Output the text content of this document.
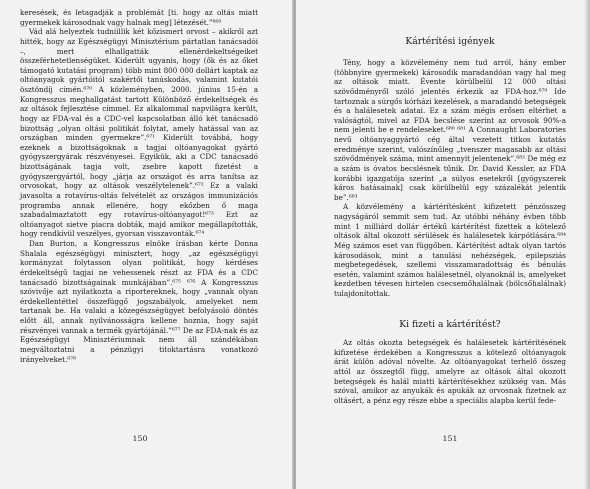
keresések, és letagadják a problémát [ti. hogy az oltás miatt gyermekek károsodnak vagy halnak meg] létezését.”⁶⁶⁹

Vád alá helyeztek tudniillik két kőzismert orvost – akikről azt hitték, hogy az Egészségügyi Minisztérium pártatlan tanácsadói –, mert elhallgatták ellenérdekeltségeiket összeférhetetlenségüket. Kiderült ugyanis, hogy (ők és az őket támogató kutatási program) több mint 800 000 dollárt kaptak az oltóanyagok gyártóitól szakértői tanúskodás, valamint kutatói ösztöndíj címén.⁶⁷⁰ A közleményben, 2000. június 15-én a Kongresszus meghallgatást tartott Különböző érdekeltségek és az oltások fejlesztése címmel. Ez alkalommal napvilágra került, hogy az FDA-val és a CDC-vel kapcsolatban álló két tanácsadó bizottság „olyan oltási politikát folytat, amely hatással van az országban minden gyermekre”.⁶⁷¹ Kiderült továbbá, hogy ezeknek a bizottságoknak a tagjai oltóanyagokat gyártó gyógyszergyárak részvényesei. Egyikük, aki a CDC tanácsadó bizottságának tagja volt, zsebre kapott fizetést a gyógyszergyártól, hogy „járja az országot és arra tanítsa az orvosokat, hogy az oltások veszélytelenek”.⁶⁷² Ez a valaki javasolta a rotavírus-oltás felvételét az országos immunizációs programba annak ellenére, hogy ekőzben ő maga szabadalmaztatott egy rotavírus-oltóanyagot!⁶⁷³ Ezt az oltóanyagot sietve piacra dobták, majd amikor megállapították, hogy rendkívül veszélyes, gyorsan visszavonták.⁶⁷⁴

Dan Burton, a Kongresszus elnöke írásban kérte Donna Shalala egészségügyi minisztert, hogy „az egészségügyi kormányzat folytasson olyan politikát, hogy kérdéses érdekeltségű tagjai ne vehessenek részt az FDA és a CDC tanácsadó bizottságainak munkájában”.⁶⁷⁵ ⁶⁷⁶ A Kongresszus szóvivője azt nyilatkozta a riportereknek, hogy „vannak olyan érdekellentéttel összefüggő jogszabályok, amelyeket nem tartanak be. Ha valaki a közegészségügyet befolyásoló döntés előtt áll, annak nyilvánosságra kellene hoznia, hogy saját részvényei vannak a termék gyártójánál.”⁶⁷⁷ De az FDA-nak és az Egészségügyi Minisztériumnak nem áll szándékában megváltoztatni a pénzügyi titoktartásra vonatkozó irányelveket.⁶⁷⁸

150
Kártérítési igények

Tény, hogy a közvélemény nem tud arról, hány ember (többnyire gyermekek) károsodik maradandóan vagy hal meg az oltások miatt. Évente körülbelül 12 000 oltási szövődményről szóló jelentés érkezik az FDA-hoz.⁶⁷⁹ Ide tartoznak a súrgős kórházi kezelések, a maradandó betegségek és a halálesetek adatai. Ez a szám mégis erősen eltérhet a valóságtól, mivel az FDA becslése szerint az orvosok 90%-a nem jelenti be e rendeleseket.⁶⁸⁰ ⁶⁸¹ A Connaught Laboratories nevű oltóanyaggyártó cég által vezetett titkos kutatás eredménye szerint, valószínűleg „tvenszer magasabb az oltási szövődmények száma, mint amennyit jelentenek”.⁶⁸² De még ez a szám is óvatos becslésnek tűnik. Dr. David Kessler, az FDA korábbi igazgatója szerint „a súlyos esetekről [gyógyszerek káros hatásainak] csak körülbelül egy százalékát jelentik be”.⁶⁸³

A közvélemény a kártérítésként kifizetett pénzösszeg nagyságáról semmit sem tud. Az utóbbi néhány évben több mint 1 milliárd dollár értékű kártérítést fizettek a kötelező oltások által okozott sérülések és halálesetek kárpótlására.⁶⁸⁴ Még számos eset van függőben. Kártérítést adtak olyan tartós károsodások, mint a tanulási nehézségek, epilepsziás megbetegedések, szellemi visszamaradottság és bénulás esetén, valamint számos halálesetnél, olyanoknál is, amelyeket kezdetben tévesen hirtelen csecsemőhalálnak (bölcsőhalálnak) tulajdonítottak.

Ki fizeti a kártérítést?

Az oltás okozta betegségek és halálesetek kártérítésének kifizetése érdekében a Kongresszus a kötelező oltóanyagok árát külön adóval növelte. Az oltóanyagokat terhelő összeg attól az összegtől függ, amelyre az oltások által okozott betegségek és halál miatti kártérítésekhez szükség van. Más szóval, amikor az anyukák és apukák az orvosnak fizetnek az oltásért, a pénz egy része ebbe a speciális alapba kerül fede-

151
